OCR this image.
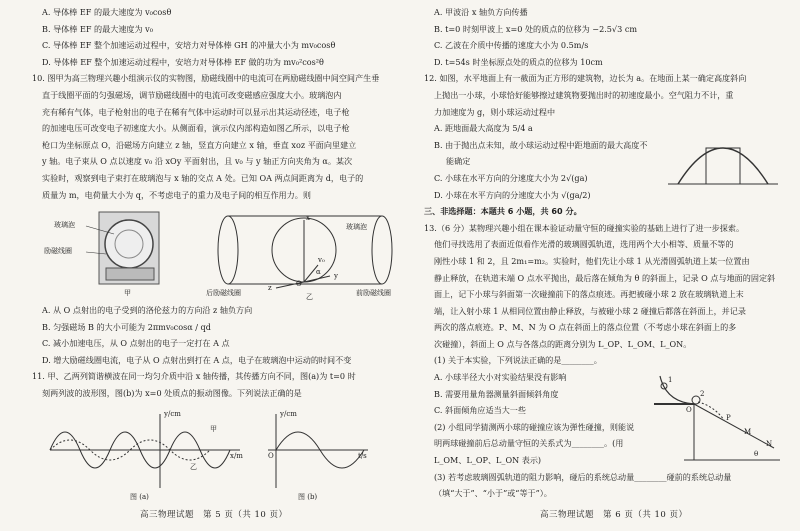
A. 导体棒 EF 的最大速度为 v₀cosθ

B. 导体棒 EF 的最大速度为 v₀

C. 导体棒 EF 整个加速运动过程中，安培力对导体棒 GH 的冲量大小为 mv₀cosθ

D. 导体棒 EF 整个加速运动过程中，安培力对导体棒 EF 做的功为 mv₀²cos²θ

10. 图甲为高三物理兴趣小组演示仪的实物图，励磁线圈中的电流可在两励磁线圈中间空间产生垂

直于线圈平面的匀强磁场，调节励磁线圈中的电流可改变磁感应强度大小。玻璃泡内

充有稀有气体，电子枪射出的电子在稀有气体中运动时可以显示出其运动径迹，电子枪

的加速电压可改变电子初速度大小。从侧面看，演示仪内部构造如图乙所示，以电子枪

枪口为坐标原点 O，沿磁场方向建立 z 轴，竖直方向建立 x 轴，垂直 xoz 平面向里建立

y 轴。电子束从 O 点以速度 v₀ 沿 xOy 平面射出，且 v₀ 与 y 轴正方向夹角为 α。某次

实验时，观察到电子束打在玻璃泡与 x 轴的交点 A 处。已知 OA 两点间距离为 d，电子的

质量为 m，电荷量大小为 q，不考虑电子的重力及电子间的相互作用力。则

玻璃泡
励磁线圈
甲
x
y
z	O
α
v₀
玻璃泡
后励磁线圈	前励磁线圈
乙

A. 从 O 点射出的电子受到的洛伦兹力的方向沿 z 轴负方向

B. 匀强磁场 B 的大小可能为 2πmv₀cosα / qd

C. 减小加速电压，从 O 点射出的电子一定打在 A 点

D. 增大励磁线圈电流，电子从 O 点射出到打在 A 点，电子在玻璃泡中运动的时间不变

11. 甲、乙两列简谐横波在同一均匀介质中沿 x 轴传播，其传播方向不同，图(a)为 t=0 时

刻两列波的波形图，图(b)为 x=0 处质点的振动图像。下列说法正确的是

y/cm
x/m
甲
乙
图 (a)
y/cm
t/s
O
图 (b)
高三物理试题　第 5 页（共 10 页）

A. 甲波沿 x 轴负方向传播

B. t=0 时刻甲波上 x=0 处的质点的位移为 −2.5√3 cm

C. 乙波在介质中传播的速度大小为 0.5m/s

D. t=54s 时坐标原点处的质点的位移为 10cm

12. 如图，水平地面上有一截面为正方形的建筑物，边长为 a。在地面上某一确定高度斜向

上抛出一小球，小球恰好能够擦过建筑物要抛出时的初速度最小。空气阻力不计，重

力加速度为 g，则小球运动过程中

A. 距地面最大高度为 5/4 a

B. 由于抛出点未知，故小球运动过程中距地面的最大高度不

能确定

C. 小球在水平方向的分速度大小为 2√(ga)

D. 小球在水平方向的分速度大小为 √(ga/2)

三、非选择题：本题共 6 小题，共 60 分。

13.（6 分）某物理兴趣小组在课本验证动量守恒的碰撞实验的基础上进行了进一步探索。

他们寻找选用了表面近似看作光滑的玻璃圆弧轨道，选用两个大小相等、质量不等的

刚性小球 1 和 2，且 2m₁=m₂。实验时，他们先让小球 1 从光滑圆弧轨道上某一位置由

静止释放，在轨道末端 O 点水平抛出，最后落在倾角为 θ 的斜面上，记录 O 点与地面的固定斜

面上，记下小球与斜面第一次碰撞前下的落点痕迹。再把被碰小球 2 放在玻璃轨道上末

端，让入射小球 1 从相同位置由静止释放，与被碰小球 2 碰撞后都落在斜面上，并记录

两次的落点痕迹。P、M、N 为 O 点在斜面上的落点位置（不考虑小球在斜面上的多

次碰撞），斜面上 O 点与各落点的距离分别为 L_OP、L_OM、L_ON。

(1) 关于本实验，下列说法正确的是________。

A. 小球半径大小对实验结果没有影响

B. 需要用量角器测量斜面倾斜角度

C. 斜面倾角应适当大一些

(2) 小组同学猜测两小球的碰撞应该为弹性碰撞，则能说

明两球碰撞前后总动量守恒的关系式为________。(用

L_OM、L_OP、L_ON 表示)

(3) 若考虑玻璃圆弧轨道的阻力影响，碰后的系统总动量________碰前的系统总动量

（填“大于”、“小于”或“等于”）。

1
2
O
P
M
N
θ
高三物理试题　第 6 页（共 10 页）
